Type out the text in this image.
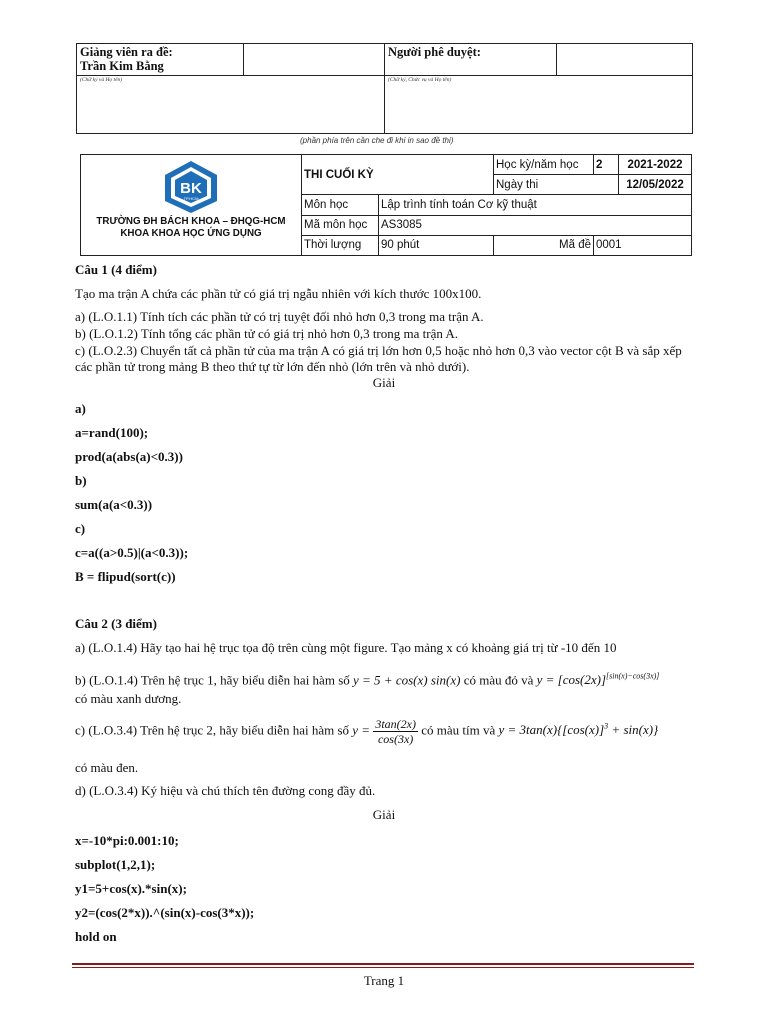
Giảng viên ra đề:
Trần Kim Bằng		Người phê duyệt:	

(Chữ ký và Họ tên)		(Chữ ký, Chức vụ và Họ tên)	
(phần phía trên cần che đi khi in sao đề thi)
BK
TP.HCM
TRƯỜNG ĐH BÁCH KHOA – ĐHQG-HCM
KHOA KHOA HỌC ỨNG DỤNG	THI CUỐI KỲ		Học kỳ/năm học	2	2021-2022
			Ngày thi		12/05/2022
	Môn học	Lập trình tính toán Cơ kỹ thuật			
	Mã môn học	AS3085			
	Thời lượng	90 phút	Mã đề	0001	
Câu 1 (4 điểm)
Tạo ma trận A chứa các phần tử có giá trị ngẫu nhiên với kích thước 100x100.
a) (L.O.1.1) Tính tích các phần tử có trị tuyệt đối nhỏ hơn 0,3 trong ma trận A.
b) (L.O.1.2) Tính tổng các phần tử có giá trị nhỏ hơn 0,3 trong ma trận A.
c) (L.O.2.3) Chuyển tất cả phần tử của ma trận A có giá trị lớn hơn 0,5 hoặc nhỏ hơn 0,3 vào vector cột B và sắp xếp các phần tử trong mảng B theo thứ tự từ lớn đến nhỏ (lớn trên và nhỏ dưới).
Giải
a)
a=rand(100);
prod(a(abs(a)<0.3))
b)
sum(a(a<0.3))
c)
c=a((a>0.5)|(a<0.3));
B = flipud(sort(c))
Câu 2 (3 điểm)
a) (L.O.1.4) Hãy tạo hai hệ trục tọa độ trên cùng một figure. Tạo mảng x có khoảng giá trị từ -10 đến 10
b) (L.O.1.4) Trên hệ trục 1, hãy biểu diễn hai hàm số y = 5 + cos(x) sin(x) có màu đỏ và y = [cos(2x)][sin(x)−cos(3x)]
có màu xanh dương.
c) (L.O.3.4) Trên hệ trục 2, hãy biểu diễn hai hàm số $y = \frac{3\tan(2x)}{\cos(3x)}$ có màu tím và $y = 3\tan(x)\{[\cos(x)]^3 + \sin(x)\}$
có màu đen.
d) (L.O.3.4) Ký hiệu và chú thích tên đường cong đầy đủ.
Giải
x=-10*pi:0.001:10;
subplot(1,2,1);
y1=5+cos(x).*sin(x);
y2=(cos(2*x)).^(sin(x)-cos(3*x));
hold on
Trang 1
